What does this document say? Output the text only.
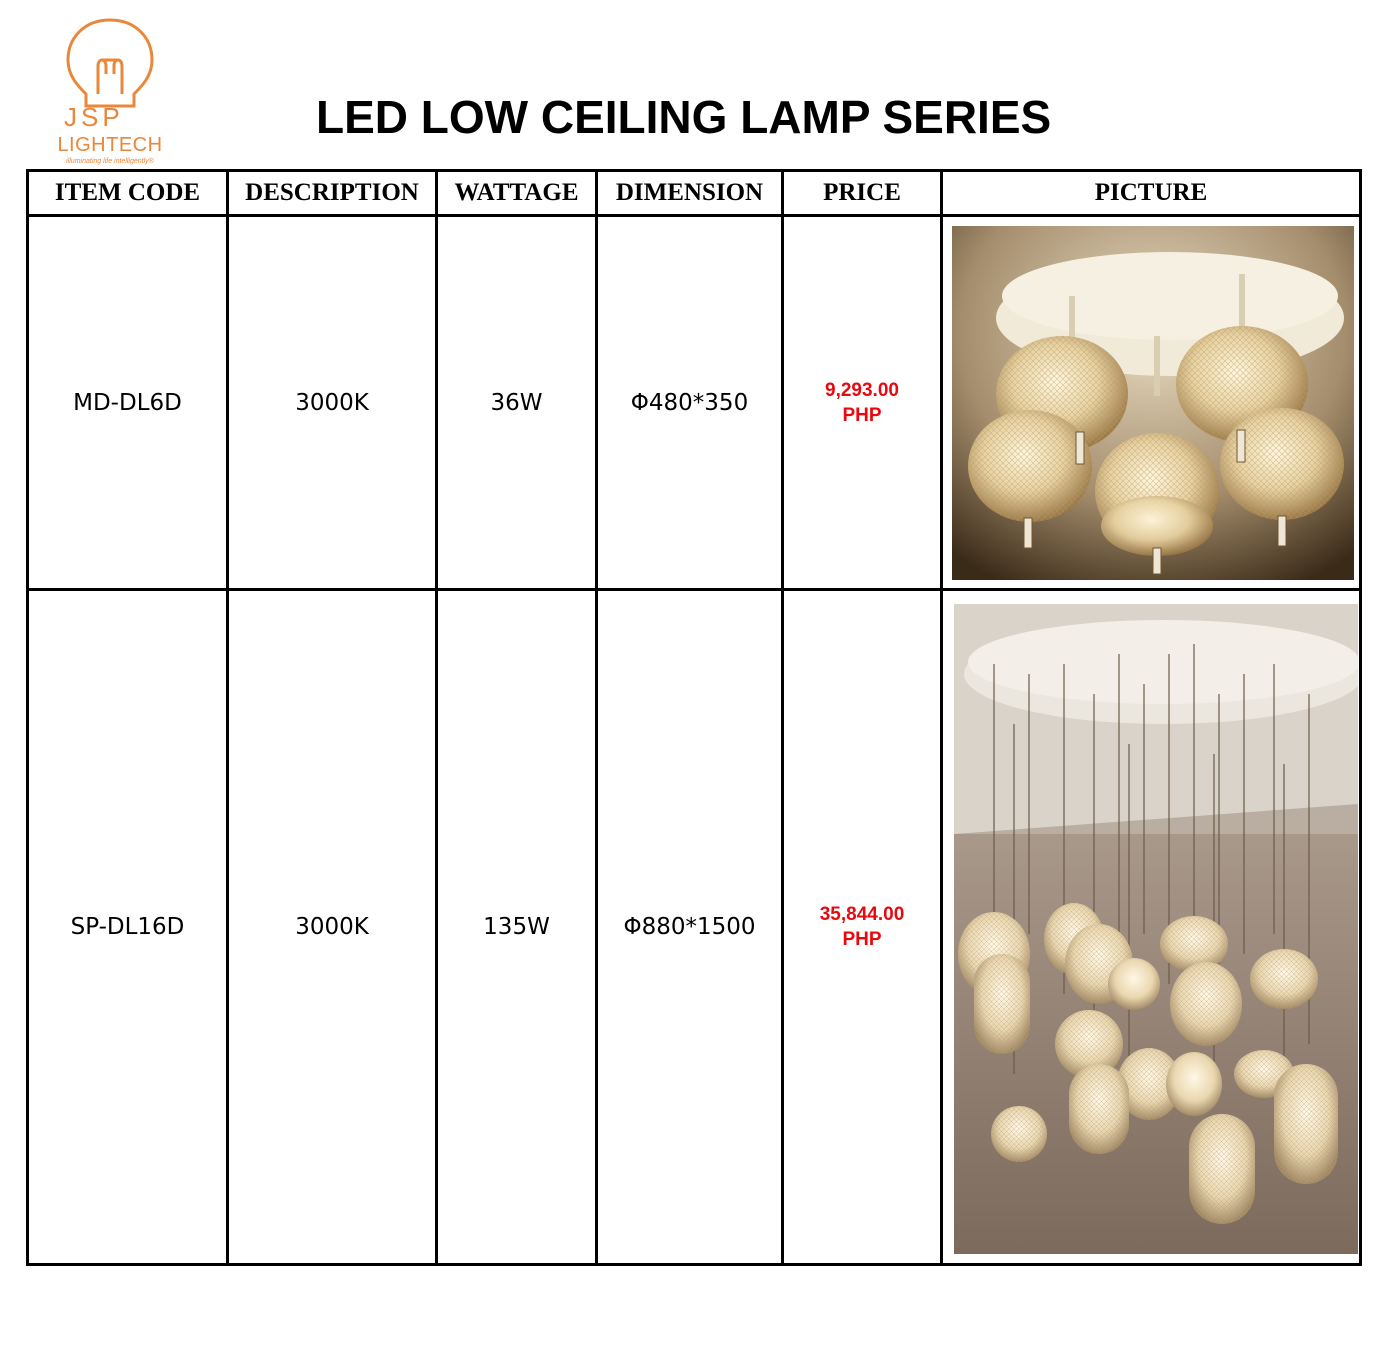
JSP
LIGHTECH
illuminating life intelligently®
LED LOW CEILING LAMP SERIES
ITEM CODE	DESCRIPTION	WATTAGE	DIMENSION	PRICE	PICTURE
MD-DL6D	3000K	36W	Φ480*350	9,293.00
PHP

SP-DL16D	3000K	135W	Φ880*1500	35,844.00
PHP
